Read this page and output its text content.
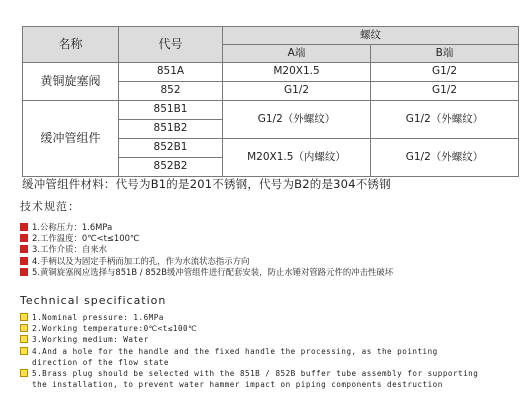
名称	代号	螺纹	
		A端	B端
黄铜旋塞阀	851A	M20X1.5	G1/2
	852	G1/2	G1/2
缓冲管组件	851B1	G1/2（外螺纹）	G1/2（外螺纹）
	851B2		
	852B1	M20X1.5（内螺纹）	G1/2（外螺纹）
	852B2		
缓冲管组件材料：代号为B1的是201不锈钢，代号为B2的是304不锈钢
技术规范：
1.公称压力：1.6MPa
2.工作温度：0℃<t≤100℃
3.工作介质：自来水
4.手柄以及为固定手柄而加工的孔，作为水流状态指示方向
5.黄铜旋塞阀应选择与851B / 852B缓冲管组件进行配套安装，防止水锤对管路元件的冲击性破坏
Technical specification
1.Nominal pressure: 1.6MPa
2.Working temperature:0℃<t≤100℃
3.Working medium: Water
4.And a hole for the handle and the fixed handle the processing, as the pointing
direction of the flow state
5.Brass plug should be selected with the 851B / 852B buffer tube assembly for supporting
the installation, to prevent water hammer impact on piping components destruction
